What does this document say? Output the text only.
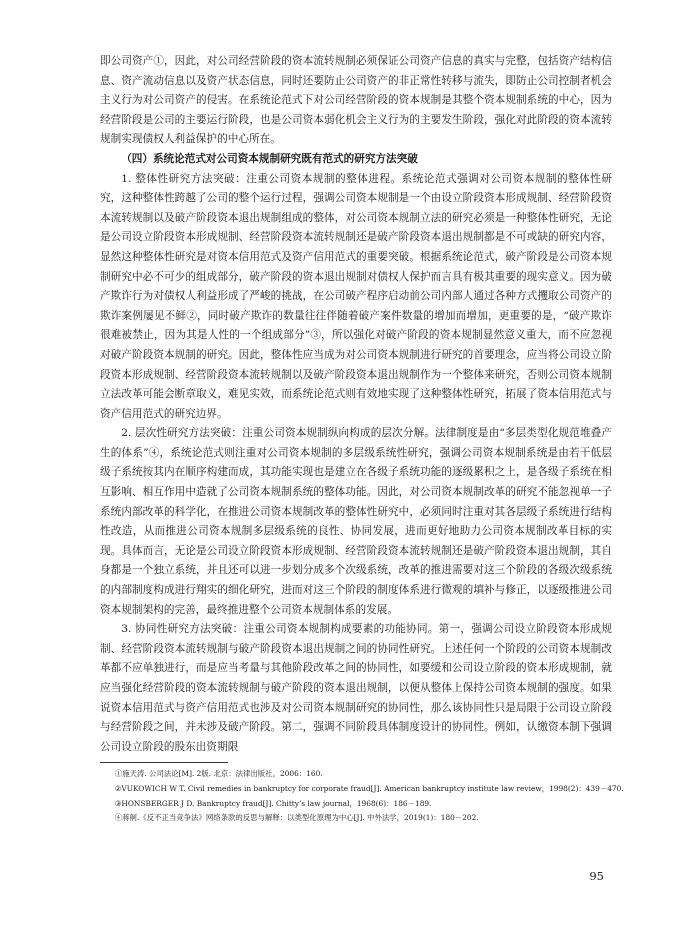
即公司资产①，因此，对公司经营阶段的资本流转规制必须保证公司资产信息的真实与完整，包括资产结构信息、资产流动信息以及资产状态信息，同时还要防止公司资产的非正常性转移与流失，即防止公司控制者机会主义行为对公司资产的侵害。在系统论范式下对公司经营阶段的资本规制是其整个资本规制系统的中心，因为经营阶段是公司的主要运行阶段，也是公司资本弱化机会主义行为的主要发生阶段，强化对此阶段的资本流转规制实现债权人利益保护的中心所在。

（四）系统论范式对公司资本规制研究既有范式的研究方法突破

1. 整体性研究方法突破：注重公司资本规制的整体进程。系统论范式强调对公司资本规制的整体性研究，这种整体性跨越了公司的整个运行过程，强调公司资本规制是一个由设立阶段资本形成规制、经营阶段资本流转规制以及破产阶段资本退出规制组成的整体，对公司资本规制立法的研究必须是一种整体性研究，无论是公司设立阶段资本形成规制、经营阶段资本流转规制还是破产阶段资本退出规制都是不可或缺的研究内容，显然这种整体性研究是对资本信用范式及资产信用范式的重要突破。根据系统论范式，破产阶段是公司资本规制研究中必不可少的组成部分，破产阶段的资本退出规制对债权人保护而言具有极其重要的现实意义。因为破产欺诈行为对债权人利益形成了严峻的挑战，在公司破产程序启动前公司内部人通过各种方式攫取公司资产的欺诈案例屡见不鲜②，同时破产欺诈的数量往往伴随着破产案件数量的增加而增加，更重要的是，“破产欺诈很难被禁止，因为其是人性的一个组成部分”③，所以强化对破产阶段的资本规制显然意义重大，而不应忽视对破产阶段资本规制的研究。因此，整体性应当成为对公司资本规制进行研究的首要理念，应当将公司设立阶段资本形成规制、经营阶段资本流转规制以及破产阶段资本退出规制作为一个整体来研究，否则公司资本规制立法改革可能会断章取义，难见实效，而系统论范式则有效地实现了这种整体性研究，拓展了资本信用范式与资产信用范式的研究边界。

2. 层次性研究方法突破：注重公司资本规制纵向构成的层次分解。法律制度是由“多层类型化规范堆叠产生的体系”④，系统论范式则注重对公司资本规制的多层级系统性研究，强调公司资本规制系统是由若干低层级子系统按其内在顺序构建而成，其功能实现也是建立在各级子系统功能的逐级累积之上，是各级子系统在相互影响、相互作用中造就了公司资本规制系统的整体功能。因此，对公司资本规制改革的研究不能忽视单一子系统内部改革的科学化，在推进公司资本规制改革的整体性研究中，必须同时注重对其各层级子系统进行结构性改造，从而推进公司资本规制多层级系统的良性、协同发展，进而更好地助力公司资本规制改革目标的实现。具体而言，无论是公司设立阶段资本形成规制、经营阶段资本流转规制还是破产阶段资本退出规制，其自身都是一个独立系统，并且还可以进一步划分成多个次级系统，改革的推进需要对这三个阶段的各级次级系统的内部制度构成进行翔实的细化研究，进而对这三个阶段的制度体系进行微观的填补与修正，以逐级推进公司资本规制架构的完善，最终推进整个公司资本规制体系的发展。

3. 协同性研究方法突破：注重公司资本规制构成要素的功能协同。第一，强调公司设立阶段资本形成规制、经营阶段资本流转规制与破产阶段资本退出规制之间的协同性研究。上述任何一个阶段的公司资本规制改革都不应单独进行，而是应当考量与其他阶段改革之间的协同性，如要缓和公司设立阶段的资本形成规制，就应当强化经营阶段的资本流转规制与破产阶段的资本退出规制，以便从整体上保持公司资本规制的强度。如果说资本信用范式与资产信用范式也涉及对公司资本规制研究的协同性，那么该协同性只是局限于公司设立阶段与经营阶段之间，并未涉及破产阶段。第二，强调不同阶段具体制度设计的协同性。例如，认缴资本制下强调公司设立阶段的股东出资期限

①施天涛. 公司法论[M]. 2版. 北京：法律出版社，2006：160.

②VUKOWICH W T. Civil remedies in bankruptcy for corporate fraud[J]. American bankruptcy institute law review，1998(2)：439－470.

③HONSBERGER J D. Bankruptcy fraud[J]. Chitty’s law journal，1968(6)：186－189.

④蒋舸.《反不正当竞争法》网络条款的反思与解释：以类型化原理为中心[J]. 中外法学，2019(1)：180－202.

95
